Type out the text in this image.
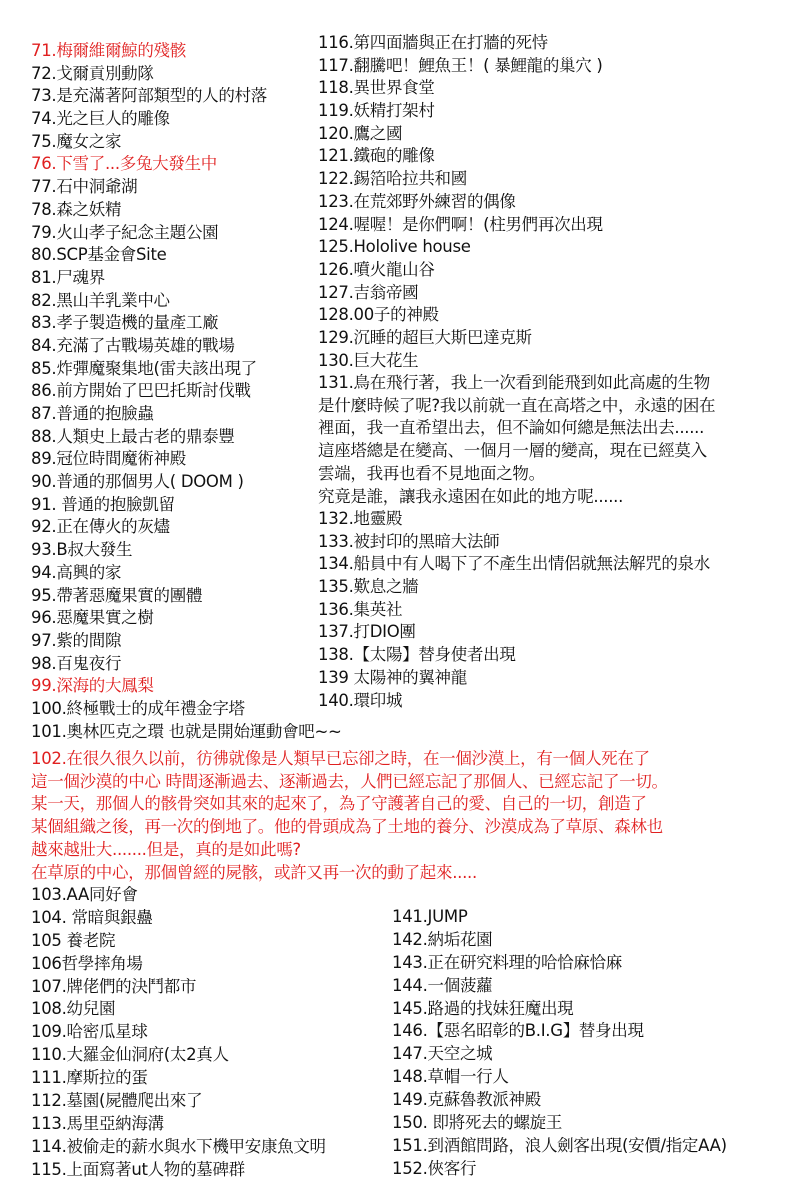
71.梅爾維爾鯨的殘骸
72.戈爾貢別動隊
73.是充滿著阿部類型的人的村落
74.光之巨人的雕像
75.魔女之家
76.下雪了...多兔大發生中
77.石中洞爺湖
78.森之妖精
79.火山孝子紀念主題公園
80.SCP基金會Site
81.尸魂界
82.黑山羊乳業中心
83.孝子製造機的量產工廠
84.充滿了古戰場英雄的戰場
85.炸彈魔聚集地(雷夫該出現了
86.前方開始了巴巴托斯討伐戰
87.普通的抱臉蟲
88.人類史上最古老的鼎泰豐
89.冠位時間魔術神殿
90.普通的那個男人( DOOM )
91. 普通的抱臉凱留
92.正在傳火的灰燼
93.B叔大發生
94.高興的家
95.帶著惡魔果實的團體
96.惡魔果實之樹
97.紫的間隙
98.百鬼夜行
99.深海的大鳳梨
100.終極戰士的成年禮金字塔
101.奧林匹克之環 也就是開始運動會吧~~
116.第四面牆與正在打牆的死恃
117.翻騰吧！鯉魚王！( 暴鯉龍的巢穴 )
118.異世界食堂
119.妖精打架村
120.鷹之國
121.鐵砲的雕像
122.錫箔哈拉共和國
123.在荒郊野外練習的偶像
124.喔喔！是你們啊！(柱男們再次出現
125.Hololive house
126.噴火龍山谷
127.吉翁帝國
128.00子的神殿
129.沉睡的超巨大斯巴達克斯
130.巨大花生
131.鳥在飛行著，我上一次看到能飛到如此高處的生物
是什麼時候了呢?我以前就一直在高塔之中，永遠的困在
裡面，我一直希望出去，但不論如何總是無法出去......
這座塔總是在變高、一個月一層的變高，現在已經莫入
雲端，我再也看不見地面之物。
究竟是誰，讓我永遠困在如此的地方呢......
132.地靈殿
133.被封印的黑暗大法師
134.船員中有人喝下了不產生出情侶就無法解咒的泉水
135.歎息之牆
136.集英社
137.打DIO團
138.【太陽】替身使者出現
139 太陽神的翼神龍
140.環印城
102.在很久很久以前，彷彿就像是人類早已忘卻之時，在一個沙漠上，有一個人死在了
這一個沙漠的中心 時間逐漸過去、逐漸過去，人們已經忘記了那個人、已經忘記了一切。
某一天，那個人的骸骨突如其來的起來了，為了守護著自己的愛、自己的一切，創造了
某個組織之後，再一次的倒地了。他的骨頭成為了土地的養分、沙漠成為了草原、森林也
越來越壯大.......但是，真的是如此嗎?
在草原的中心，那個曾經的屍骸，或許又再一次的動了起來.....
103.AA同好會
104. 常暗與銀蠱
105 養老院
106哲學摔角場
107.牌佬們的決鬥都市
108.幼兒園
109.哈密瓜星球
110.大羅金仙洞府(太2真人
111.摩斯拉的蛋
112.墓園(屍體爬出來了
113.馬里亞納海溝
114.被偷走的薪水與水下機甲安康魚文明
115.上面寫著ut人物的墓碑群
141.JUMP
142.納垢花園
143.正在研究料理的哈恰麻恰麻
144.一個菠蘿
145.路過的找妹狂魔出現
146.【惡名昭彰的B.I.G】替身出現
147.天空之城
148.草帽一行人
149.克蘇魯教派神殿
150. 即將死去的螺旋王
151.到酒館問路，浪人劍客出現(安價/指定AA)
152.俠客行
